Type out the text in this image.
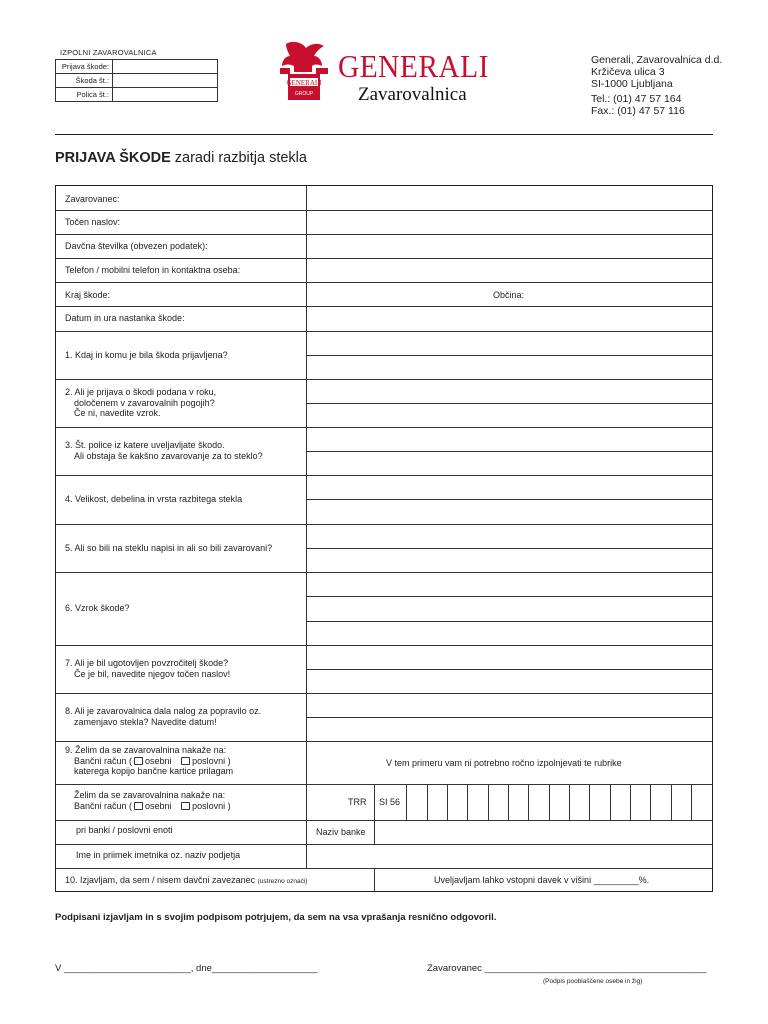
IZPOLNI ZAVAROVALNICA
Prijava škode:	
Škoda št.:	
Polica št.:	
GENERALI
GROUP
GENERALI
Zavarovalnica
Generali, Zavarovalnica d.d.
Kržičeva ulica 3
SI-1000 Ljubljana
Tel.: (01) 47 57 164
Fax.: (01) 47 57 116
PRIJAVA ŠKODE zaradi razbitja stekla
Zavarovanec:
Točen naslov:
Davčna številka (obvezen podatek):
Telefon / mobilni telefon in kontaktna oseba:
Kraj škode:	Občina:
Datum in ura nastanka škode:
1. Kdaj in komu je bila škoda prijavljena?
2. Ali je prijava o škodi podana v roku,
določenem v zavarovalnih pogojih?
Če ni, navedite vzrok.
3. Št. police iz katere uveljavljate škodo.
Ali obstaja še kakšno zavarovanje za to steklo?
4. Velikost, debelina in vrsta razbitega stekla
5. Ali so bili na steklu napisi in ali so bili zavarovani?
6. Vzrok škode?
7. Ali je bil ugotovljen povzročitelj škode?
Če je bil, navedite njegov točen naslov!
8. Ali je zavarovalnica dala nalog za popravilo oz.
zamenjavo stekla? Navedite datum!
9. Želim da se zavarovalnina nakaže na:
Bančni račun ( osebni poslovni )
katerega kopijo bančne kartice prilagam
V tem primeru vam ni potrebno ročno izpolnjevati te rubrike
Želim da se zavarovalnina nakaže na:
Bančni račun ( osebni poslovni )	TRR SI 56
pri banki / poslovni enoti	Naziv banke
Ime in priimek imetnika oz. naziv podjetja
10. Izjavljam, da sem / nisem davčni zavezanec (ustrezno označi)	Uveljavljam lahko vstopni davek v višini _________%.
Podpisani izjavljam in s svojim podpisom potrjujem, da sem na vsa vprašanja resnično odgovoril.
V ________________________, dne____________________	Zavarovanec __________________________________________
(Podpis pooblaščene osebe in žig)
